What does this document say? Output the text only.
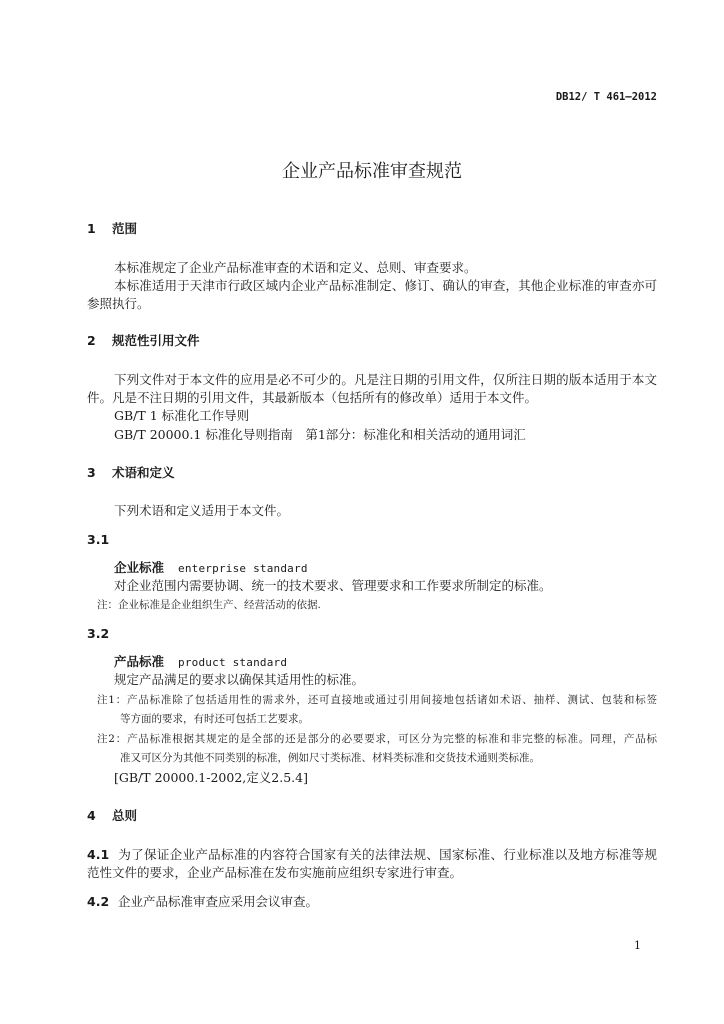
DB12/ T 461—2012
企业产品标准审查规范
1 范围
本标准规定了企业产品标准审查的术语和定义、总则、审查要求。
本标准适用于天津市行政区域内企业产品标准制定、修订、确认的审查，其他企业标准的审查亦可
参照执行。
2 规范性引用文件
下列文件对于本文件的应用是必不可少的。凡是注日期的引用文件，仅所注日期的版本适用于本文
件。凡是不注日期的引用文件，其最新版本（包括所有的修改单）适用于本文件。
GB/T 1 标准化工作导则
GB/T 20000.1 标准化导则指南　第1部分：标准化和相关活动的通用词汇
3 术语和定义
下列术语和定义适用于本文件。
3.1
企业标准 enterprise standard
对企业范围内需要协调、统一的技术要求、管理要求和工作要求所制定的标准。
注：企业标准是企业组织生产、经营活动的依据.
3.2
产品标准 product standard
规定产品满足的要求以确保其适用性的标准。
注1：产品标准除了包括适用性的需求外，还可直接地或通过引用间接地包括诸如术语、抽样、测试、包装和标签
等方面的要求，有时还可包括工艺要求。
注2：产品标准根据其规定的是全部的还是部分的必要要求，可区分为完整的标准和非完整的标准。同理，产品标
准又可区分为其他不同类别的标准，例如尺寸类标准、材料类标准和交货技术通则类标准。
[GB/T 20000.1-2002,定义2.5.4]
4 总则
4.1 为了保证企业产品标准的内容符合国家有关的法律法规、国家标准、行业标准以及地方标准等规
范性文件的要求，企业产品标准在发布实施前应组织专家进行审查。
4.2 企业产品标准审查应采用会议审查。
1
